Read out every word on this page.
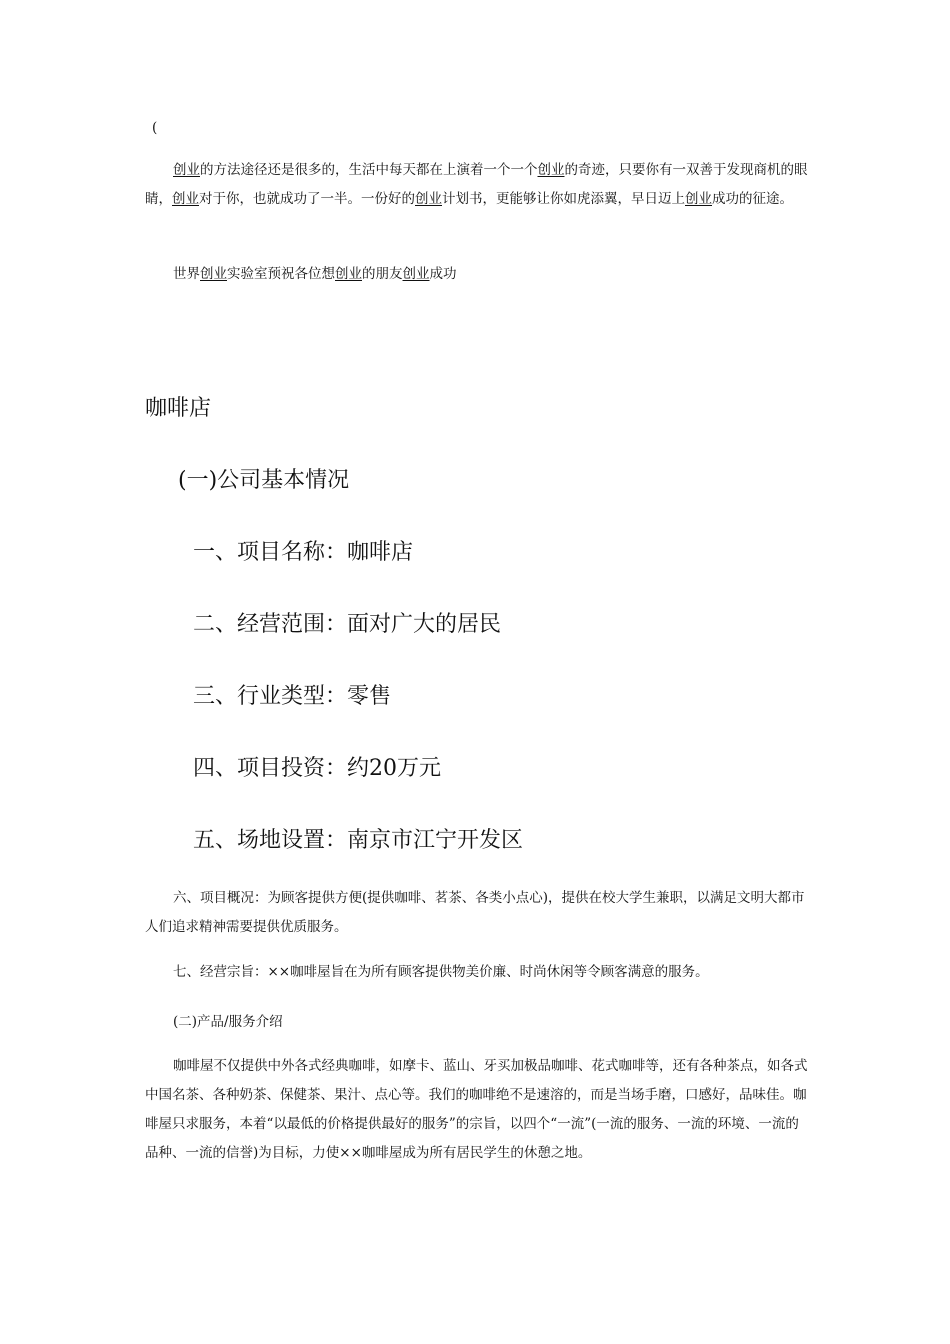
(

创业的方法途径还是很多的，生活中每天都在上演着一个一个创业的奇迹，只要你有一双善于发现商机的眼睛，创业对于你，也就成功了一半。一份好的创业计划书，更能够让你如虎添翼，早日迈上创业成功的征途。

世界创业实验室预祝各位想创业的朋友创业成功

咖啡店

(一)公司基本情况

一、项目名称：咖啡店

二、经营范围：面对广大的居民

三、行业类型：零售

四、项目投资：约20万元

五、场地设置：南京市江宁开发区

六、项目概况：为顾客提供方便(提供咖啡、茗茶、各类小点心)，提供在校大学生兼职，以满足文明大都市人们追求精神需要提供优质服务。

七、经营宗旨：××咖啡屋旨在为所有顾客提供物美价廉、时尚休闲等令顾客满意的服务。

(二)产品/服务介绍

咖啡屋不仅提供中外各式经典咖啡，如摩卡、蓝山、牙买加极品咖啡、花式咖啡等，还有各种茶点，如各式中国名茶、各种奶茶、保健茶、果汁、点心等。我们的咖啡绝不是速溶的，而是当场手磨，口感好，品味佳。咖啡屋只求服务，本着“以最低的价格提供最好的服务”的宗旨，以四个“一流”(一流的服务、一流的环境、一流的品种、一流的信誉)为目标，力使××咖啡屋成为所有居民学生的休憩之地。
